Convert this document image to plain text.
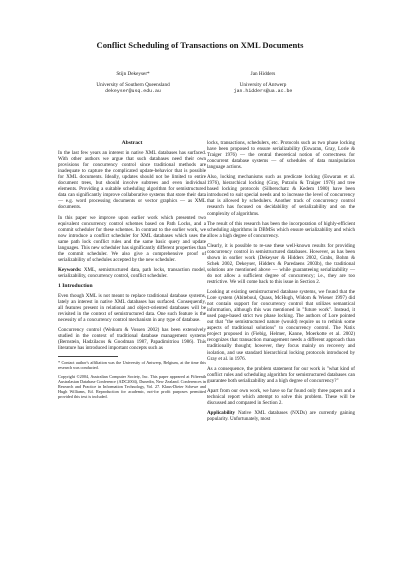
Conflict Scheduling of Transactions on XML Documents
Stijn Dekeyser*
University of Southern Queensland
dekeyser@usq.edu.au
Jan Hidders
University of Antwerp
jan.hidders@ua.ac.be
Abstract

In the last few years an interest in native XML databases has surfaced. With other authors we argue that such databases need their own provisions for concurrency control since traditional methods are inadequate to capture the complicated update-behavior that is possible for XML documents. Ideally, updates should not be limited to entire document trees, but should involve subtrees and even individual elements. Providing a suitable scheduling algorithm for semistructured data can significantly improve collaborative systems that store their data — e.g. word processing documents or vector graphics — as XML documents.

In this paper we improve upon earlier work which presented two equivalent concurrency control schemes based on Path Locks, and a commit scheduler for these schemes. In contrast to the earlier work, we now introduce a conflict scheduler for XML databases which uses the same path lock conflict rules and the same basic query and update languages. This new scheduler has significantly different properties than the commit scheduler. We also give a comprehensive proof of serializability of schedules accepted by the new scheduler.

Keywords: XML, semistructured data, path locks, transaction model, serializability, concurrency control, conflict scheduler.

1 Introduction

Even though XML is not meant to replace traditional database systems, lately an interest in native XML databases has surfaced. Consequently, all features present in relational and object-oriented databases will be revisited in the context of semistructured data. One such feature is the necessity of a concurrency control mechanism in any type of database.

Concurrency control (Weikum & Vossen 2002) has been extensively studied in the context of traditional database management systems (Bernstein, Hadzilacos & Goodman 1987, Papadimitriou 1986). This literature has introduced important concepts such as

* Contact author's affiliation was the University of Antwerp, Belgium, at the time this research was conducted.

Copyright ©2004, Australian Computer Society, Inc. This paper appeared at Fifteenth Australasian Database Conference (ADC2004), Dunedin, New Zealand. Conferences in Research and Practice in Information Technology, Vol. 27. Klaus-Dieter Schewe and Hugh Williams, Ed. Reproduction for academic, not-for profit purposes permitted provided this text is included.

locks, transactions, schedulers, etc. Protocols such as two phase locking have been proposed to ensure serializability (Eswaran, Gray, Lorie & Traiger 1976) — the central theoretical notion of correctness for concurrent database systems — of schedules of data manipulation language actions.

Also, locking mechanisms such as predicate locking (Eswaran et al. 1976), hierarchical locking (Gray, Putzolu & Traiger 1976) and tree based locking protocols (Silberschatz & Kedem 1980) have been introduced to suit special needs and to increase the level of concurrency that is allowed by schedulers. Another track of concurrency control research has focused on decidability of serializability and on the complexity of algorithms.

The result of this research has been the incorporation of highly-efficient scheduling algorithms in DBMSs which ensure serializability and which allow a high degree of concurrency.

Clearly, it is possible to re-use these well-known results for providing concurrency control in semistructured databases. However, as has been shown in earlier work (Dekeyser & Hidders 2002, Grabs, Bohm & Schek 2002, Dekeyser, Hidders & Paredaens 2003b), the traditional solutions are mentioned above — while guaranteeing serializability — do not allow a sufficient degree of concurrency; i.e., they are too restrictive. We will come back to this issue in Section 2.

Looking at existing semistructured database systems, we found that the Lore system (Abiteboul, Quass, McHugh, Widom & Wiener 1997) did not contain support for concurrency control that utilizes semantical information, although this was mentioned in "future work". Instead, it used page-based strict two phase locking. The authors of Lore pointed out that "the semistructured nature (would) require us to rethink some aspects of traditional solutions" to concurrency control. The Natix project proposed in (Fiebig, Helmer, Kanne, Moerkotte et al. 2002) recognizes that transaction management needs a different approach than traditionally thought; however, they focus mainly on recovery and isolation, and use standard hierarchical locking protocols introduced by Gray et al. in 1976.

As a consequence, the problem statement for our work is "what kind of conflict rules and scheduling algorithm for semistructured databases can guarantee both serializability and a high degree of concurrency?"

Apart from our own work, we have so far found only three papers and a technical report which attempt to solve this problem. These will be discussed and compared in Section 2.

Applicability Native XML databases (NXDs) are currently gaining popularity. Unfortunately, most
